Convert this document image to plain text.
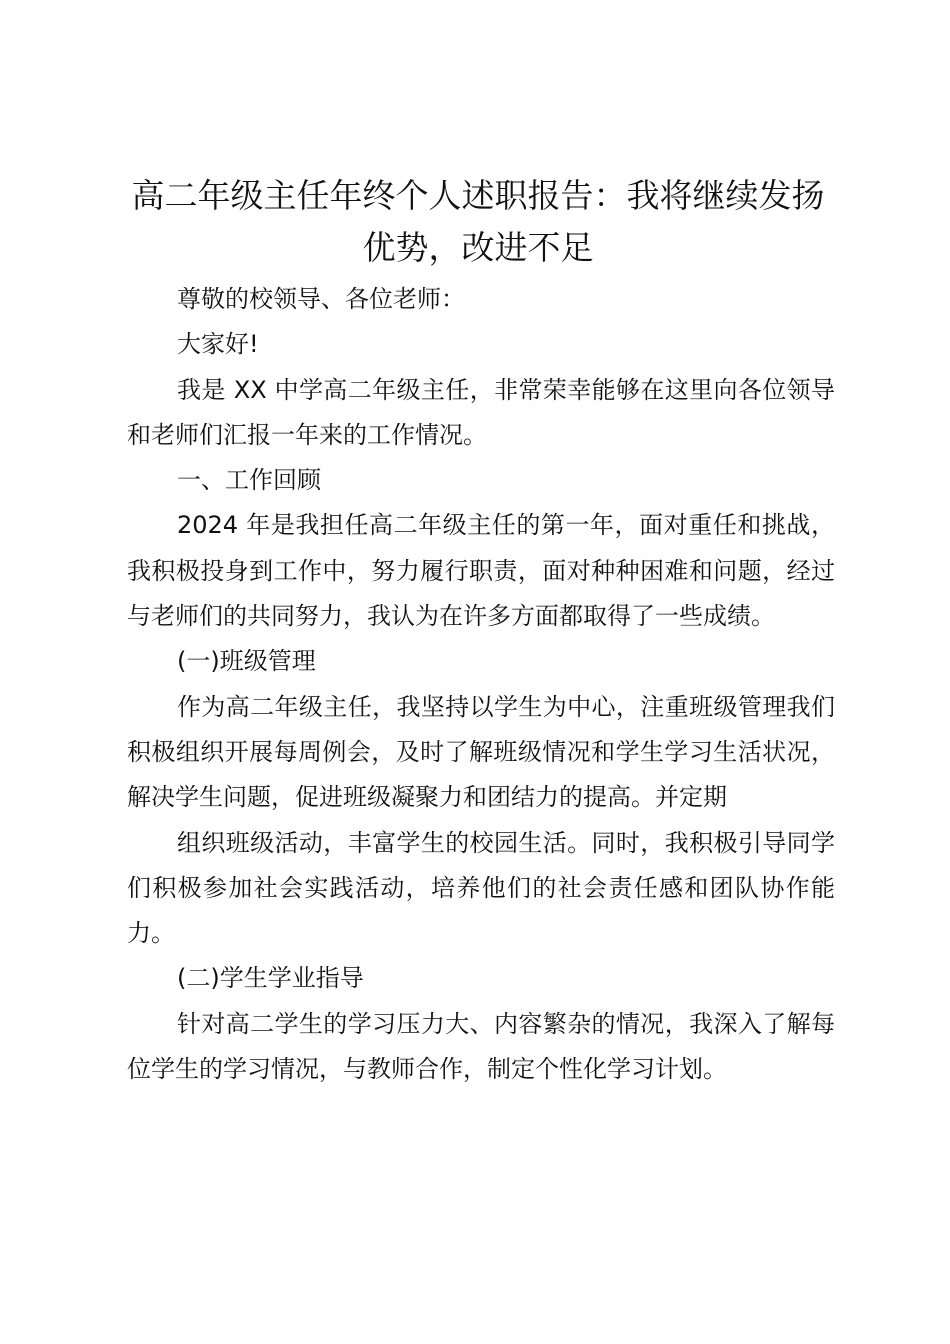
高二年级主任年终个人述职报告：我将继续发扬优势，改进不足

尊敬的校领导、各位老师：

大家好!

我是 XX 中学高二年级主任，非常荣幸能够在这里向各位领导和老师们汇报一年来的工作情况。

一、工作回顾

2024 年是我担任高二年级主任的第一年，面对重任和挑战，我积极投身到工作中，努力履行职责，面对种种困难和问题，经过与老师们的共同努力，我认为在许多方面都取得了一些成绩。

(一)班级管理

作为高二年级主任，我坚持以学生为中心，注重班级管理我们积极组织开展每周例会，及时了解班级情况和学生学习生活状况，解决学生问题，促进班级凝聚力和团结力的提高。并定期

组织班级活动，丰富学生的校园生活。同时，我积极引导同学们积极参加社会实践活动，培养他们的社会责任感和团队协作能力。

(二)学生学业指导

针对高二学生的学习压力大、内容繁杂的情况，我深入了解每位学生的学习情况，与教师合作，制定个性化学习计划。
